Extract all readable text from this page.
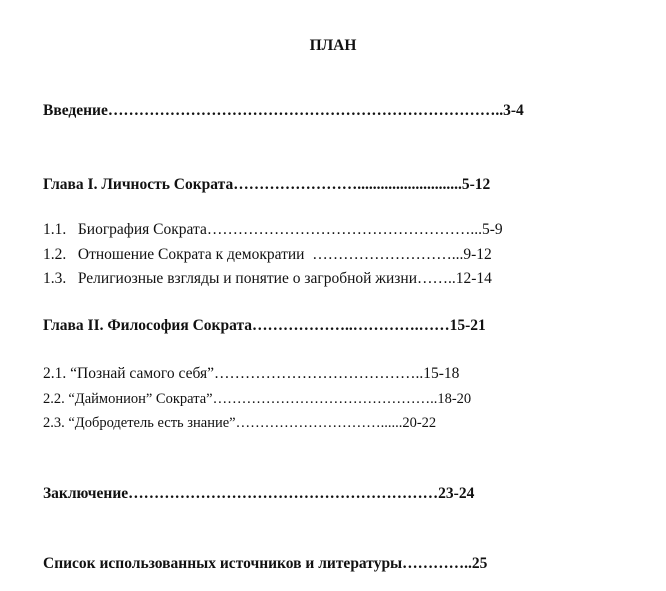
ПЛАН
Введение…………………………………………………………………..3-4
Глава I. Личность Сократа……………………...........................5-12
1.1.   Биография Сократа……………………………………………...5-9
1.2.   Отношение Сократа к демократии  ………………………...9-12
1.3.   Религиозные взгляды и понятие о загробной жизни……..12-14
Глава II. Философия Сократа………………..………….……15-21
2.1. “Познай самого себя”…………………………………..15-18
2.2. “Даймонион” Сократа”………………………………………..18-20
2.3. “Добродетель есть знание”…………………………......20-22
Заключение……………………………………………………23-24
Список использованных источников и литературы…………..25
